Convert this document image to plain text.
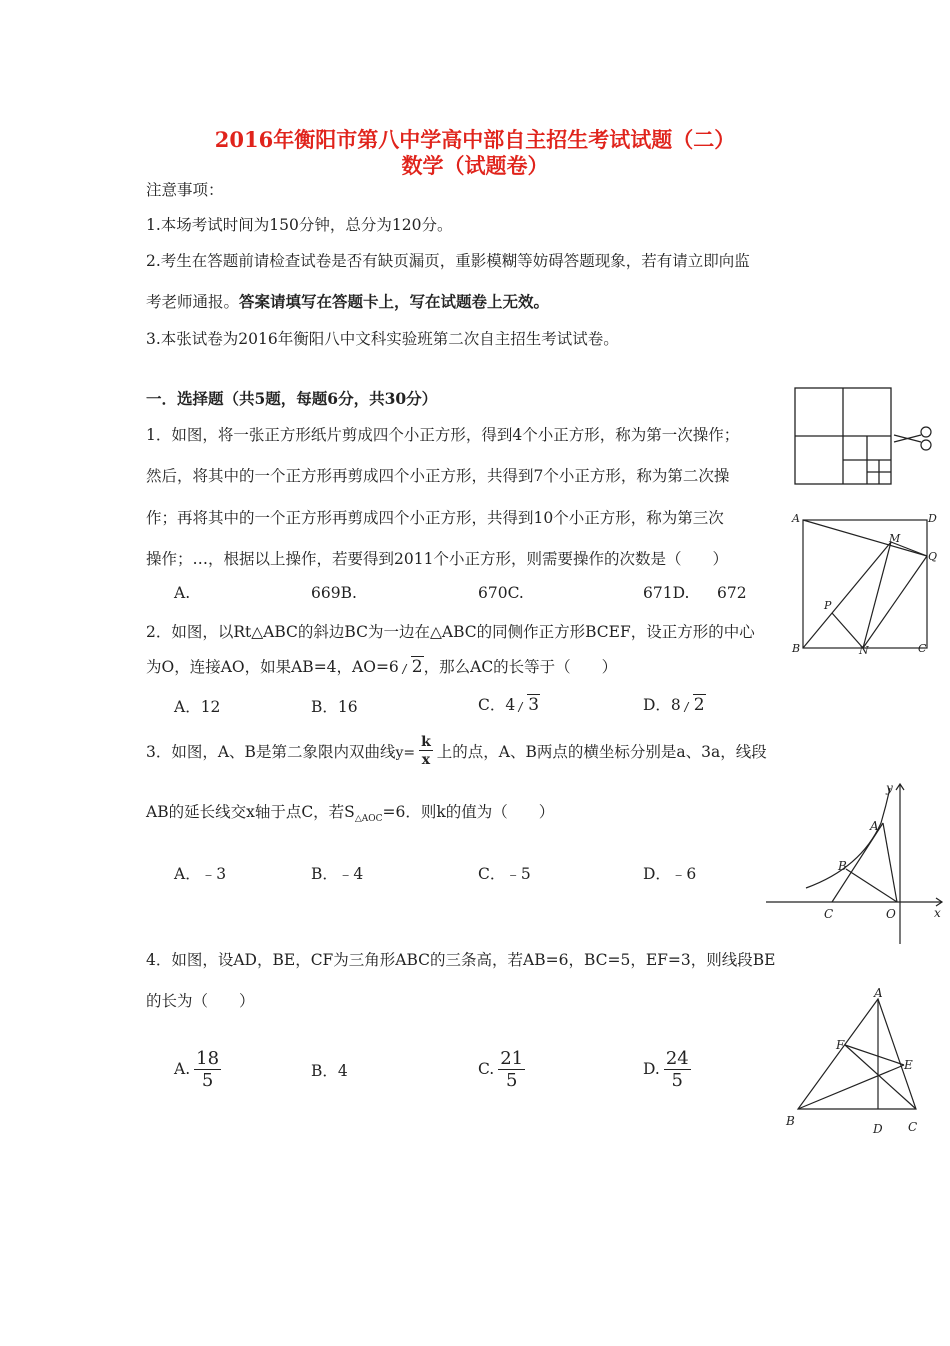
2016年衡阳市第八中学高中部自主招生考试试题（二）
数学（试题卷）
注意事项：
1.本场考试时间为150分钟，总分为120分。
2.考生在答题前请检查试卷是否有缺页漏页，重影模糊等妨碍答题现象，若有请立即向监
考老师通报。答案请填写在答题卡上，写在试题卷上无效。
3.本张试卷为2016年衡阳八中文科实验班第二次自主招生考试试卷。
一．选择题（共5题，每题6分，共30分）
1．如图，将一张正方形纸片剪成四个小正方形，得到4个小正方形，称为第一次操作；
然后，将其中的一个正方形再剪成四个小正方形，共得到7个小正方形，称为第二次操
作；再将其中的一个正方形再剪成四个小正方形，共得到10个小正方形，称为第三次
操作；…，根据以上操作，若要得到2011个小正方形，则需要操作的次数是（　　）
A.	669B.	670C.	671D. 672
2．如图，以Rt△ABC的斜边BC为一边在△ABC的同侧作正方形BCEF，设正方形的中心
为O，连接AO，如果AB=4，AO=6 2，那么AC的长等于（　　）
A．12	B．16	C．4 3	D．8 2
3．如图，A、B是第二象限内双曲线$y= \frac{k}{x}$ 上的点，A、B两点的横坐标分别是a、3a，线段
AB的延长线交x轴于点C，若$S_{\triangle AOC}=6$．则k的值为（　　）
A．﹣3	B．﹣4	C．﹣5	D．﹣6
4．如图，设AD，BE，CF为三角形ABC的三条高，若AB=6，BC=5，EF=3，则线段BE
的长为（　　）
A. $\frac{18}{5}$	B．4	C. $\frac{21}{5}$	D. $\frac{24}{5}$
A	D
M
Q
P
B	N	C
y
A
B
C	O	x
A
F
E
B
D C
